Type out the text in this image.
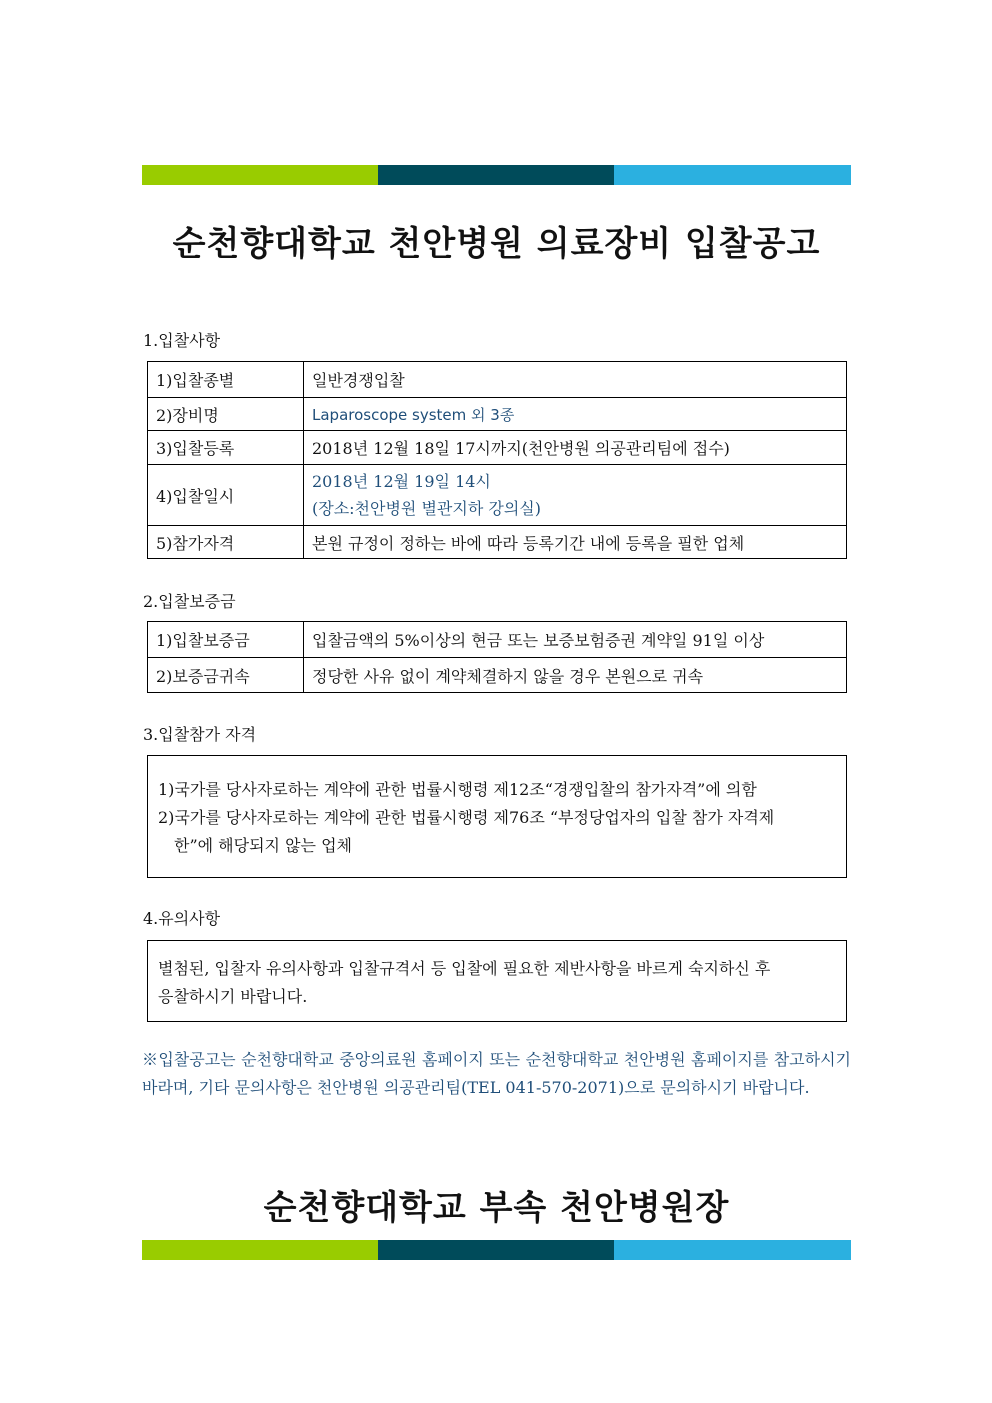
순천향대학교 천안병원 의료장비 입찰공고
1.입찰사항
1)입찰종별	일반경쟁입찰
2)장비명	Laparoscope system 외 3종
3)입찰등록	2018년 12월 18일 17시까지(천안병원 의공관리팀에 접수)
4)입찰일시	2018년 12월 19일 14시
(장소:천안병원 별관지하 강의실)

5)참가자격	본원 규정이 정하는 바에 따라 등록기간 내에 등록을 필한 업체
2.입찰보증금
1)입찰보증금	입찰금액의 5%이상의 현금 또는 보증보험증권 계약일 91일 이상
2)보증금귀속	정당한 사유 없이 계약체결하지 않을 경우 본원으로 귀속
3.입찰참가 자격

1)국가를 당사자로하는 계약에 관한 법률시행령 제12조“경쟁입찰의 참가자격”에 의함

2)국가를 당사자로하는 계약에 관한 법률시행령 제76조 “부정당업자의 입찰 참가 자격제

한”에 해당되지 않는 업체

4.유의사항

별첨된, 입찰자 유의사항과 입찰규격서 등 입찰에 필요한 제반사항을 바르게 숙지하신 후

응찰하시기 바랍니다.

※입찰공고는 순천향대학교 중앙의료원 홈페이지 또는 순천향대학교 천안병원 홈페이지를 참고하시기 바라며, 기타 문의사항은 천안병원 의공관리팀(TEL 041-570-2071)으로 문의하시기 바랍니다.
순천향대학교 부속 천안병원장
